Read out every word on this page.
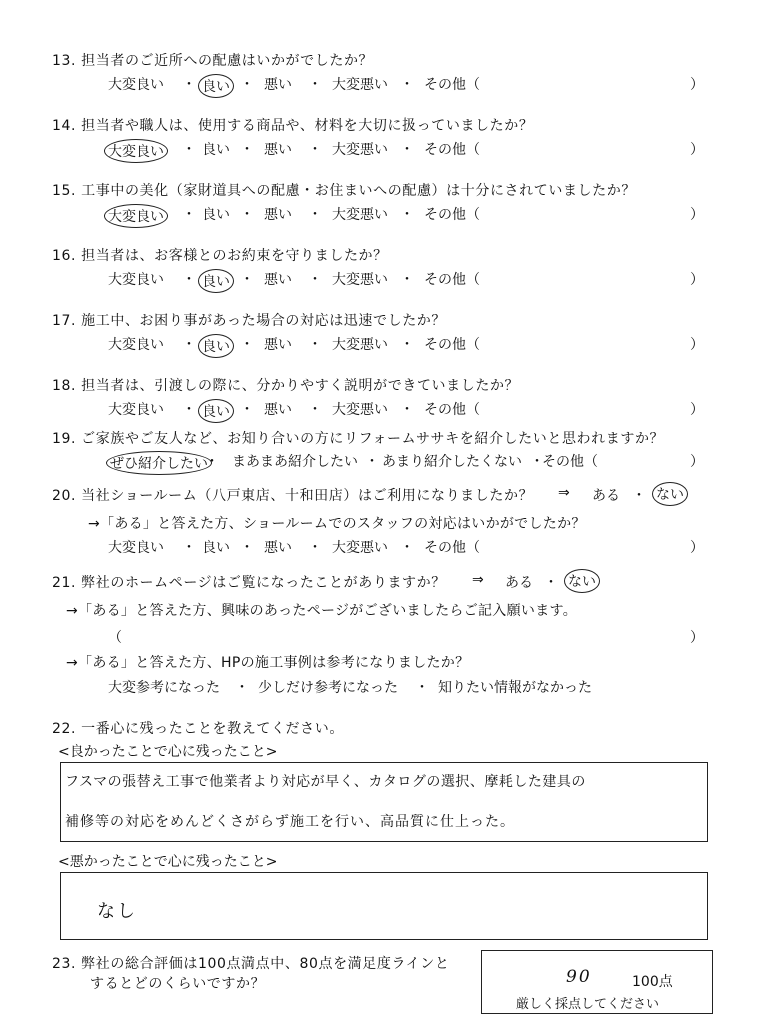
13. 担当者のご近所への配慮はいかがでしたか？
大変良い ・ 良い ・ 悪い ・ 大変悪い ・ その他（	）
14. 担当者や職人は、使用する商品や、材料を大切に扱っていましたか？
大変良い ・ 良い ・ 悪い ・ 大変悪い ・ その他（	）
15. 工事中の美化（家財道具への配慮・お住まいへの配慮）は十分にされていましたか？
大変良い ・ 良い ・ 悪い ・ 大変悪い ・ その他（	）
16. 担当者は、お客様とのお約束を守りましたか？
大変良い ・ 良い ・ 悪い ・ 大変悪い ・ その他（	）
17. 施工中、お困り事があった場合の対応は迅速でしたか？
大変良い ・ 良い ・ 悪い ・ 大変悪い ・ その他（	）
18. 担当者は、引渡しの際に、分かりやすく説明ができていましたか？
大変良い ・ 良い ・ 悪い ・ 大変悪い ・ その他（	）
19. ご家族やご友人など、お知り合いの方にリフォームササキを紹介したいと思われますか？
ぜひ紹介したい
・ まあまあ紹介したい ・ あまり紹介したくない ・
その他（	）
20. 当社ショールーム（八戸東店、十和田店）はご利用になりましたか？ ⇒ ある ・ ない
→「ある」と答えた方、ショールームでのスタッフの対応はいかがでしたか？
大変良い ・ 良い ・ 悪い ・ 大変悪い ・ その他（	）
21. 弊社のホームページはご覧になったことがありますか？ ⇒ ある ・ ない
→「ある」と答えた方、興味のあったページがございましたらご記入願います。
（	）
→「ある」と答えた方、HPの施工事例は参考になりましたか？
大変参考になった ・ 少しだけ参考になった ・ 知りたい情報がなかった
22. 一番心に残ったことを教えてください。
<良かったことで心に残ったこと>
フスマの張替え工事で他業者より対応が早く、カタログの選択、摩耗した建具の
補修等の対応をめんどくさがらず施工を行い、高品質に仕上った。
<悪かったことで心に残ったこと>
なし
23. 弊社の総合評価は100点満点中、80点を満足度ラインと
するとどのくらいですか？	90	100点
厳しく採点してください
